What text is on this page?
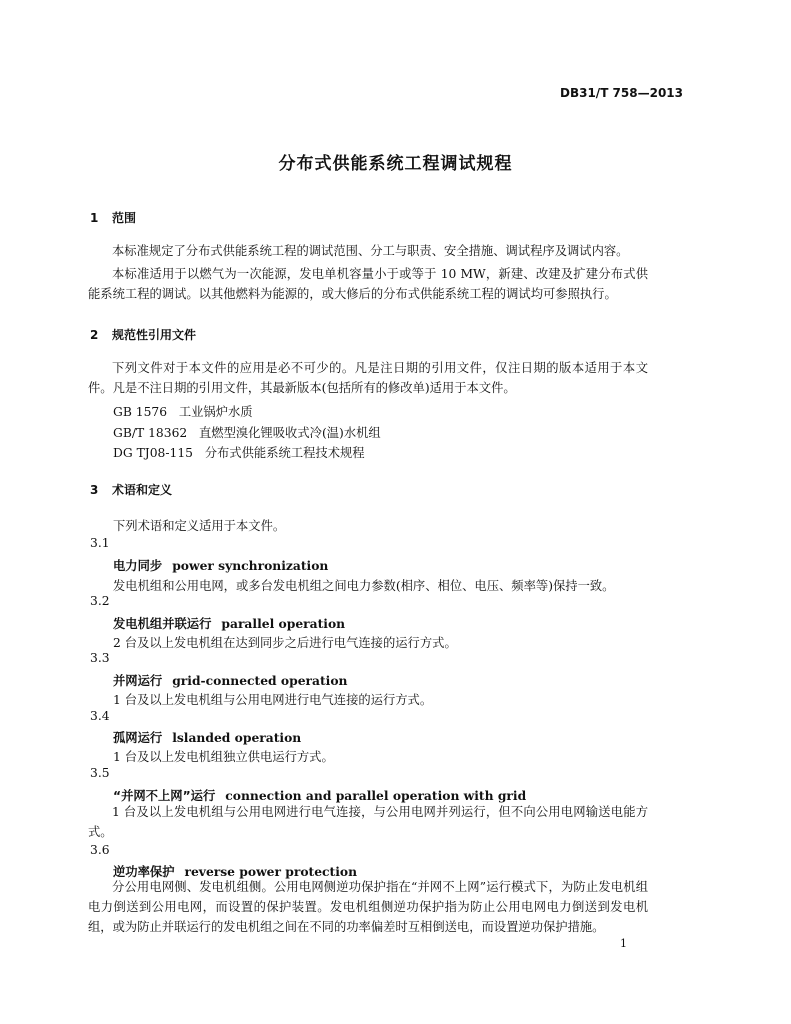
DB31/T 758—2013
分布式供能系统工程调试规程
1 范围
本标准规定了分布式供能系统工程的调试范围、分工与职责、安全措施、调试程序及调试内容。
本标准适用于以燃气为一次能源，发电单机容量小于或等于 10 MW，新建、改建及扩建分布式供能系统工程的调试。以其他燃料为能源的，或大修后的分布式供能系统工程的调试均可参照执行。
2 规范性引用文件
下列文件对于本文件的应用是必不可少的。凡是注日期的引用文件，仅注日期的版本适用于本文件。凡是不注日期的引用文件，其最新版本(包括所有的修改单)适用于本文件。
GB 1576 工业锅炉水质
GB/T 18362 直燃型溴化锂吸收式冷(温)水机组
DG TJ08-115 分布式供能系统工程技术规程
3 术语和定义
下列术语和定义适用于本文件。
3.1
电力同步 power synchronization
发电机组和公用电网，或多台发电机组之间电力参数(相序、相位、电压、频率等)保持一致。
3.2
发电机组并联运行 parallel operation
2 台及以上发电机组在达到同步之后进行电气连接的运行方式。
3.3
并网运行 grid-connected operation
1 台及以上发电机组与公用电网进行电气连接的运行方式。
3.4
孤网运行 lslanded operation
1 台及以上发电机组独立供电运行方式。
3.5
“并网不上网”运行 connection and parallel operation with grid
1 台及以上发电机组与公用电网进行电气连接，与公用电网并列运行，但不向公用电网输送电能方式。
3.6
逆功率保护 reverse power protection
分公用电网侧、发电机组侧。公用电网侧逆功保护指在“并网不上网”运行模式下，为防止发电机组电力倒送到公用电网，而设置的保护装置。发电机组侧逆功保护指为防止公用电网电力倒送到发电机组，或为防止并联运行的发电机组之间在不同的功率偏差时互相倒送电，而设置逆功保护措施。
1
